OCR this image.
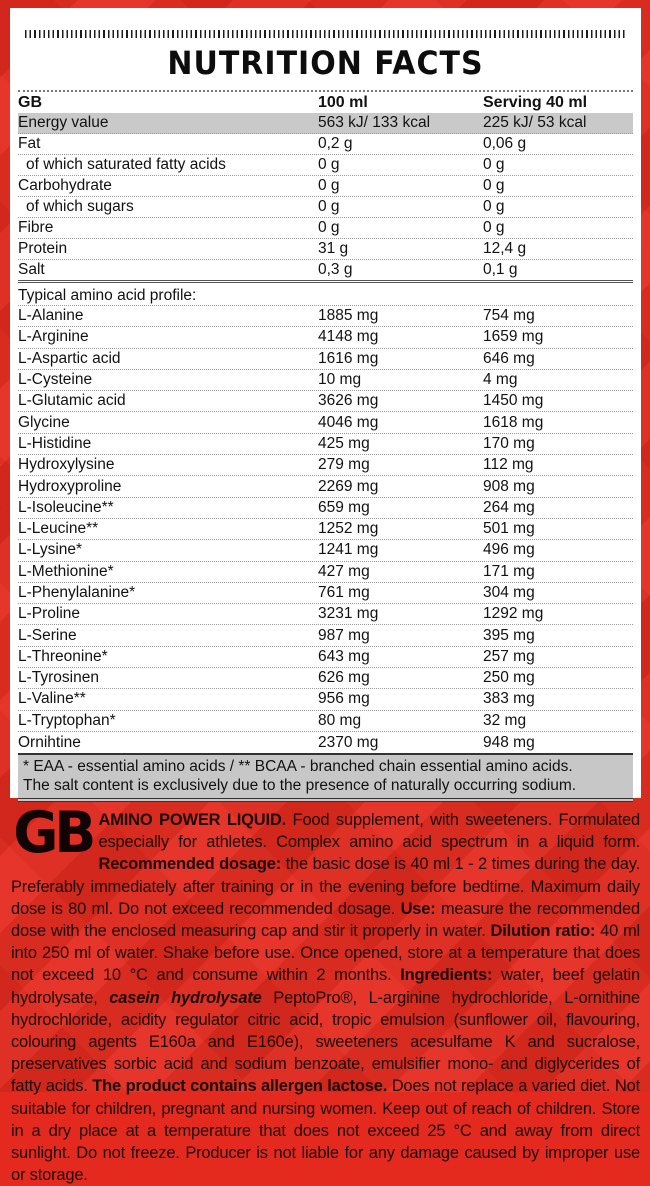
NUTRITION FACTS
GB	100 ml	Serving 40 ml
Energy value	563 kJ/ 133 kcal	225 kJ/ 53 kcal
Fat	0,2 g	0,06 g
of which saturated fatty acids	0 g	0 g
Carbohydrate	0 g	0 g
of which sugars	0 g	0 g
Fibre	0 g	0 g
Protein	31 g	12,4 g
Salt	0,3 g	0,1 g
Typical amino acid profile:
L-Alanine	1885 mg	754 mg
L-Arginine	4148 mg	1659 mg
L-Aspartic acid	1616 mg	646 mg
L-Cysteine	10 mg	4 mg
L-Glutamic acid	3626 mg	1450 mg
Glycine	4046 mg	1618 mg
L-Histidine	425 mg	170 mg
Hydroxylysine	279 mg	112 mg
Hydroxyproline	2269 mg	908 mg
L-Isoleucine**	659 mg	264 mg
L-Leucine**	1252 mg	501 mg
L-Lysine*	1241 mg	496 mg
L-Methionine*	427 mg	171 mg
L-Phenylalanine*	761 mg	304 mg
L-Proline	3231 mg	1292 mg
L-Serine	987 mg	395 mg
L-Threonine*	643 mg	257 mg
L-Tyrosinen	626 mg	250 mg
L-Valine**	956 mg	383 mg
L-Tryptophan*	80 mg	32 mg
Ornihtine	2370 mg	948 mg
* EAA - essential amino acids / ** BCAA - branched chain essential amino acids.
The salt content is exclusively due to the presence of naturally occurring sodium.
GB AMINO POWER LIQUID. Food supplement, with sweeteners. Formulated especially for athletes. Complex amino acid spectrum in a liquid form. Recommended dosage: the basic dose is 40 ml 1 - 2 times during the day. Preferably immediately after training or in the evening before bedtime. Maximum daily dose is 80 ml. Do not exceed recommended dosage. Use: measure the recommended dose with the enclosed measuring cap and stir it properly in water. Dilution ratio: 40 ml into 250 ml of water. Shake before use. Once opened, store at a temperature that does not exceed 10 °C and consume within 2 months. Ingredients: water, beef gelatin hydrolysate, casein hydrolysate PeptoPro®, L-arginine hydrochloride, L-ornithine hydrochloride, acidity regulator citric acid, tropic emulsion (sunflower oil, flavouring, colouring agents E160a and E160e), sweeteners acesulfame K and sucralose, preservatives sorbic acid and sodium benzoate, emulsifier mono- and diglycerides of fatty acids. The product contains allergen lactose. Does not replace a varied diet. Not suitable for children, pregnant and nursing women. Keep out of reach of children. Store in a dry place at a temperature that does not exceed 25 °C and away from direct sunlight. Do not freeze. Producer is not liable for any damage caused by improper use or storage.
